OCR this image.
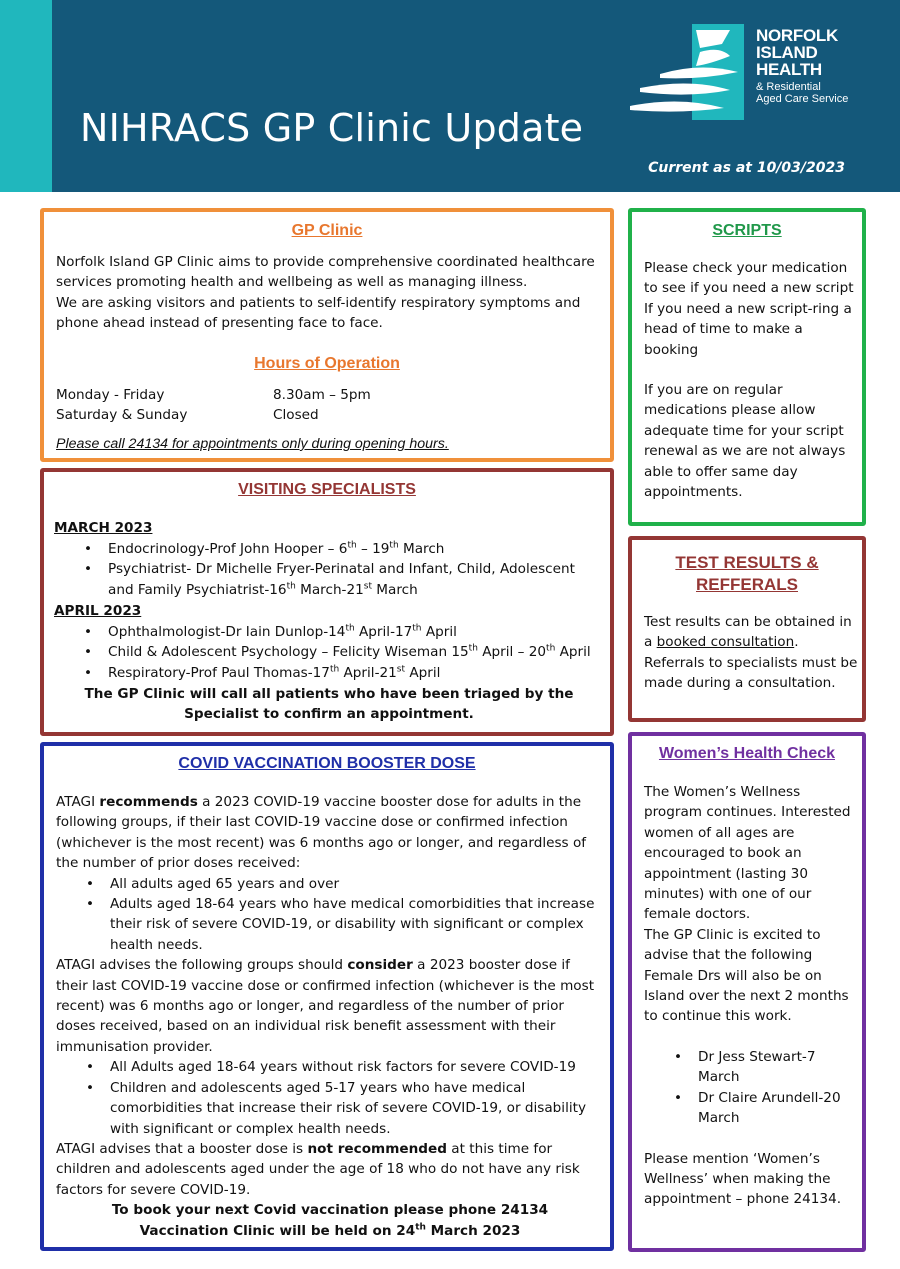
NIHRACS GP Clinic Update
Current as at 10/03/2023
NORFOLK
ISLAND
HEALTH
& Residential
Aged Care Service
GP Clinic

Norfolk Island GP Clinic aims to provide comprehensive coordinated healthcare services promoting health and wellbeing as well as managing illness.

We are asking visitors and patients to self-identify respiratory symptoms and phone ahead instead of presenting face to face.

Hours of Operation
Monday - Friday	8.30am – 5pm
Saturday & Sunday	Closed
Please call 24134 for appointments only during opening hours.
VISITING SPECIALISTS

MARCH 2023

• Endocrinology-Prof John Hooper – 6th – 19th March
• Psychiatrist- Dr Michelle Fryer-Perinatal and Infant, Child, Adolescent and Family Psychiatrist-16th March-21st March

APRIL 2023

• Ophthalmologist-Dr Iain Dunlop-14th April-17th April
• Child & Adolescent Psychology – Felicity Wiseman 15th April – 20th April
• Respiratory-Prof Paul Thomas-17th April-21st April

The GP Clinic will call all patients who have been triaged by the Specialist to confirm an appointment.

COVID VACCINATION BOOSTER DOSE

ATAGI recommends a 2023 COVID-19 vaccine booster dose for adults in the following groups, if their last COVID-19 vaccine dose or confirmed infection (whichever is the most recent) was 6 months ago or longer, and regardless of the number of prior doses received:

• All adults aged 65 years and over
• Adults aged 18-64 years who have medical comorbidities that increase their risk of severe COVID-19, or disability with significant or complex health needs.

ATAGI advises the following groups should consider a 2023 booster dose if their last COVID-19 vaccine dose or confirmed infection (whichever is the most recent) was 6 months ago or longer, and regardless of the number of prior doses received, based on an individual risk benefit assessment with their immunisation provider.

• All Adults aged 18-64 years without risk factors for severe COVID-19
• Children and adolescents aged 5-17 years who have medical comorbidities that increase their risk of severe COVID-19, or disability with significant or complex health needs.

ATAGI advises that a booster dose is not recommended at this time for children and adolescents aged under the age of 18 who do not have any risk factors for severe COVID-19.

To book your next Covid vaccination please phone 24134

Vaccination Clinic will be held on 24th March 2023

SCRIPTS

Please check your medication to see if you need a new script If you need a new script-ring a head of time to make a booking

If you are on regular medications please allow adequate time for your script renewal as we are not always able to offer same day appointments.

TEST RESULTS &
REFFERALS

Test results can be obtained in a booked consultation. Referrals to specialists must be made during a consultation.

Women’s Health Check

The Women’s Wellness program continues. Interested women of all ages are encouraged to book an appointment (lasting 30 minutes) with one of our female doctors.

The GP Clinic is excited to advise that the following Female Drs will also be on Island over the next 2 months to continue this work.

• Dr Jess Stewart-7 March
• Dr Claire Arundell-20 March

Please mention ‘Women’s Wellness’ when making the appointment – phone 24134.
